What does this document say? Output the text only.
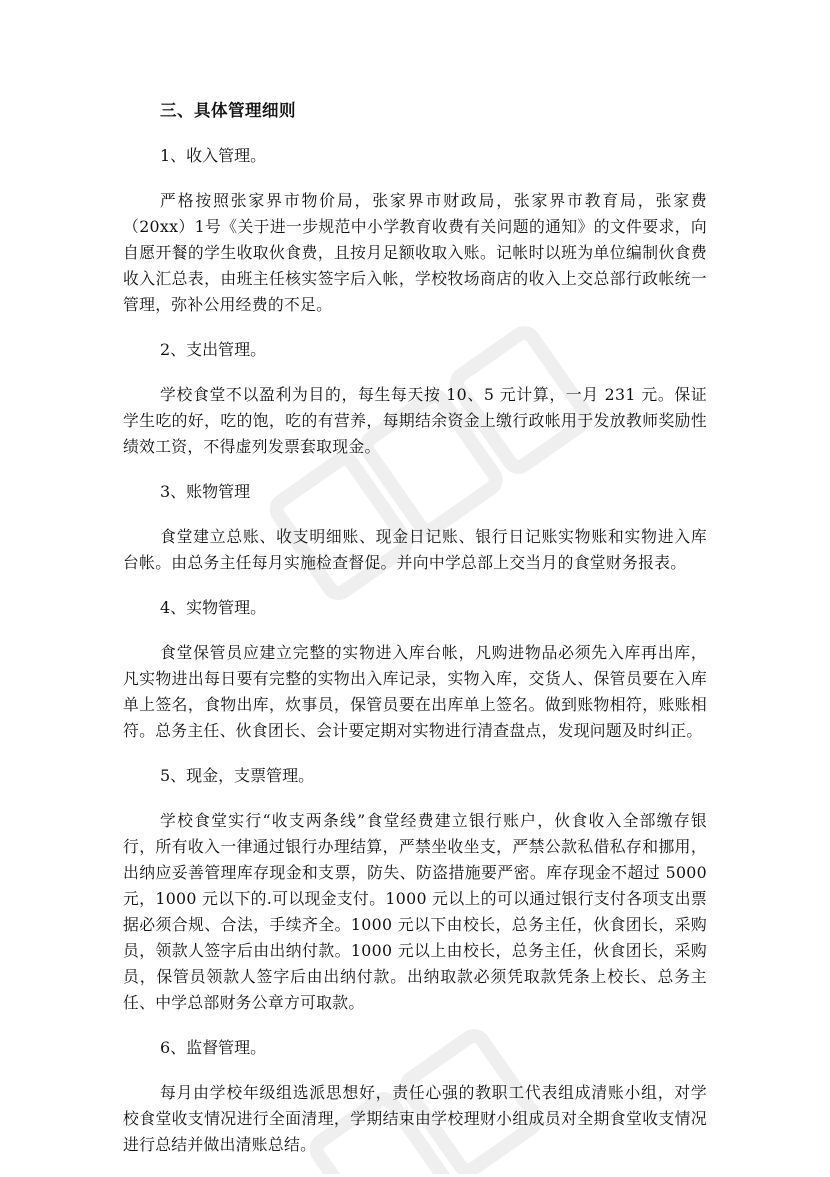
三、具体管理细则
1、收入管理。

严格按照张家界市物价局，张家界市财政局，张家界市教育局，张家费（20xx）1号《关于进一步规范中小学教育收费有关问题的通知》的文件要求，向自愿开餐的学生收取伙食费，且按月足额收取入账。记帐时以班为单位编制伙食费收入汇总表，由班主任核实签字后入帐，学校牧场商店的收入上交总部行政帐统一管理，弥补公用经费的不足。

2、支出管理。

学校食堂不以盈利为目的，每生每天按 10、5 元计算，一月 231 元。保证学生吃的好，吃的饱，吃的有营养，每期结余资金上缴行政帐用于发放教师奖励性绩效工资，不得虚列发票套取现金。

3、账物管理

食堂建立总账、收支明细账、现金日记账、银行日记账实物账和实物进入库台帐。由总务主任每月实施检查督促。并向中学总部上交当月的食堂财务报表。

4、实物管理。

食堂保管员应建立完整的实物进入库台帐，凡购进物品必须先入库再出库，凡实物进出每日要有完整的实物出入库记录，实物入库，交货人、保管员要在入库单上签名，食物出库，炊事员，保管员要在出库单上签名。做到账物相符，账账相符。总务主任、伙食团长、会计要定期对实物进行清查盘点，发现问题及时纠正。

5、现金，支票管理。

学校食堂实行“收支两条线”食堂经费建立银行账户，伙食收入全部缴存银行，所有收入一律通过银行办理结算，严禁坐收坐支，严禁公款私借私存和挪用，出纳应妥善管理库存现金和支票，防失、防盗措施要严密。库存现金不超过 5000 元，1000 元以下的.可以现金支付。1000 元以上的可以通过银行支付各项支出票据必须合规、合法，手续齐全。1000 元以下由校长，总务主任，伙食团长，采购员，领款人签字后由出纳付款。1000 元以上由校长，总务主任，伙食团长，采购员，保管员领款人签字后由出纳付款。出纳取款必须凭取款凭条上校长、总务主任、中学总部财务公章方可取款。

6、监督管理。

每月由学校年级组选派思想好，责任心强的教职工代表组成清账小组，对学校食堂收支情况进行全面清理，学期结束由学校理财小组成员对全期食堂收支情况进行总结并做出清账总结。
